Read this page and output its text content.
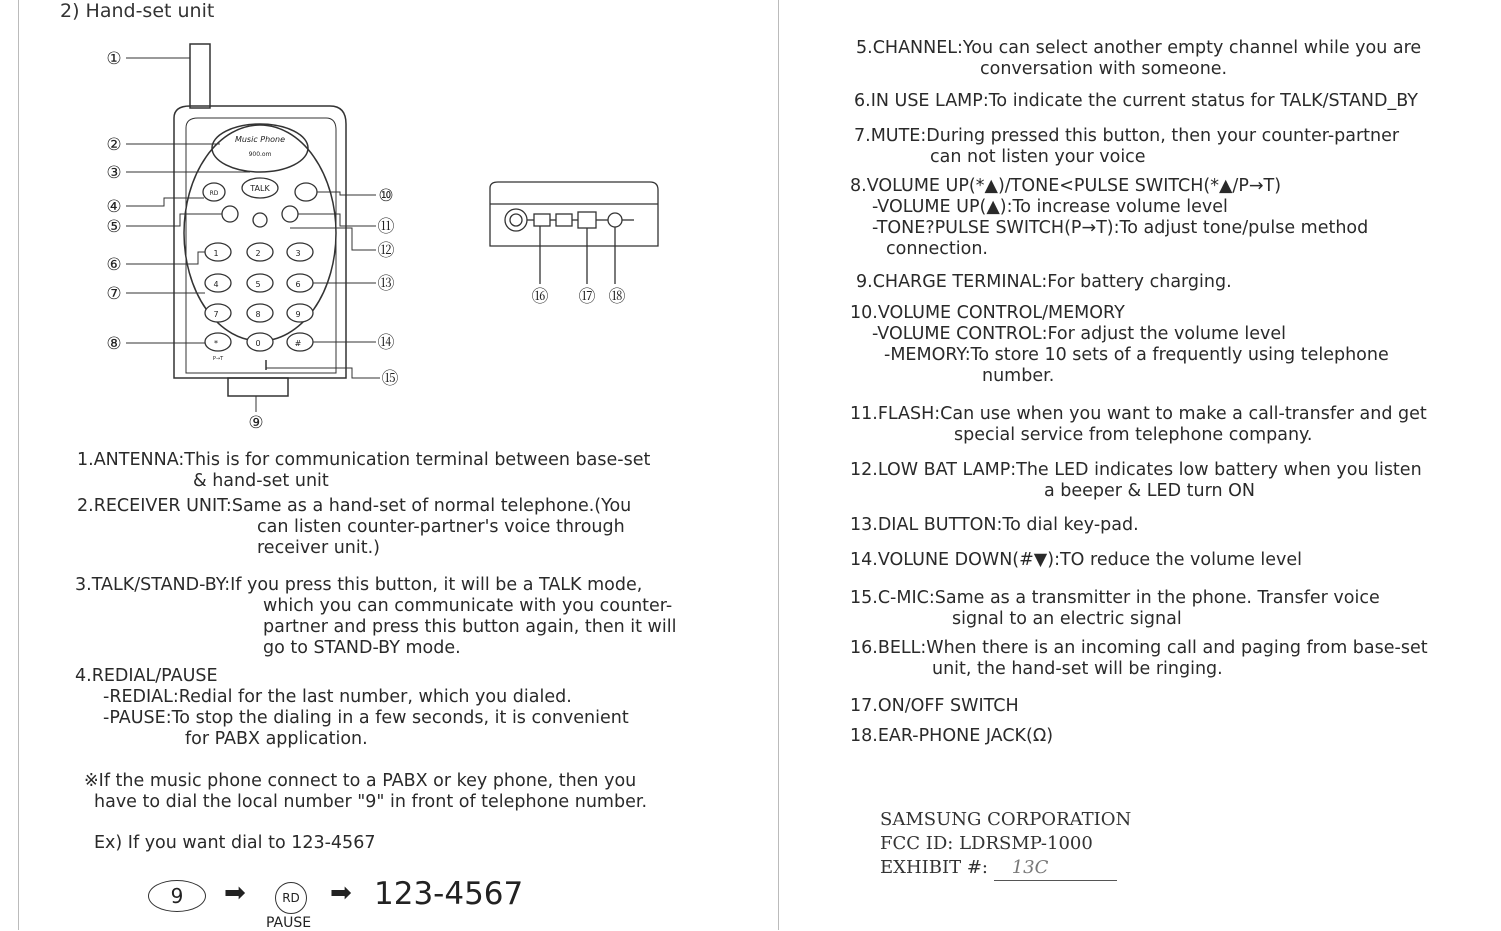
2) Hand-set unit
Music Phone
900.om
TALK
RD
1	2	3
4	5	6
7	8	9
*	0	#
P→T
①
②
③
④
⑤
⑥
⑦
⑧
⑨
⑩
⑪
⑫
⑬
⑭
⑮
⑯ ⑰ ⑱
1.ANTENNA:This is for communication terminal between base-set
& hand-set unit
2.RECEIVER UNIT:Same as a hand-set of normal telephone.(You
can listen counter-partner's voice through
receiver unit.)
3.TALK/STAND-BY:If you press this button, it will be a TALK mode,
which you can communicate with you counter-
partner and press this button again, then it will
go to STAND-BY mode.
4.REDIAL/PAUSE
-REDIAL:Redial for the last number, which you dialed.
-PAUSE:To stop the dialing in a few seconds, it is convenient
for PABX application.
※If the music phone connect to a PABX or key phone, then you
have to dial the local number "9" in front of telephone number.
Ex) If you want dial to 123-4567
9	➡	RD
PAUSE
➡ 123-4567
5.CHANNEL:You can select another empty channel while you are
conversation with someone.
6.IN USE LAMP:To indicate the current status for TALK/STAND_BY
7.MUTE:During pressed this button, then your counter-partner
can not listen your voice
8.VOLUME UP(*▲)/TONE<PULSE SWITCH(*▲/P→T)
-VOLUME UP(▲):To increase volume level
-TONE?PULSE SWITCH(P→T):To adjust tone/pulse method
connection.
9.CHARGE TERMINAL:For battery charging.
10.VOLUME CONTROL/MEMORY
-VOLUME CONTROL:For adjust the volume level
-MEMORY:To store 10 sets of a frequently using telephone
number.
11.FLASH:Can use when you want to make a call-transfer and get
special service from telephone company.
12.LOW BAT LAMP:The LED indicates low battery when you listen
a beeper & LED turn ON
13.DIAL BUTTON:To dial key-pad.
14.VOLUNE DOWN(#▼):TO reduce the volume level
15.C-MIC:Same as a transmitter in the phone. Transfer voice
signal to an electric signal
16.BELL:When there is an incoming call and paging from base-set
unit, the hand-set will be ringing.
17.ON/OFF SWITCH
18.EAR-PHONE JACK(Ω)
SAMSUNG CORPORATION
FCC ID: LDRSMP-1000
EXHIBIT #: 13C
